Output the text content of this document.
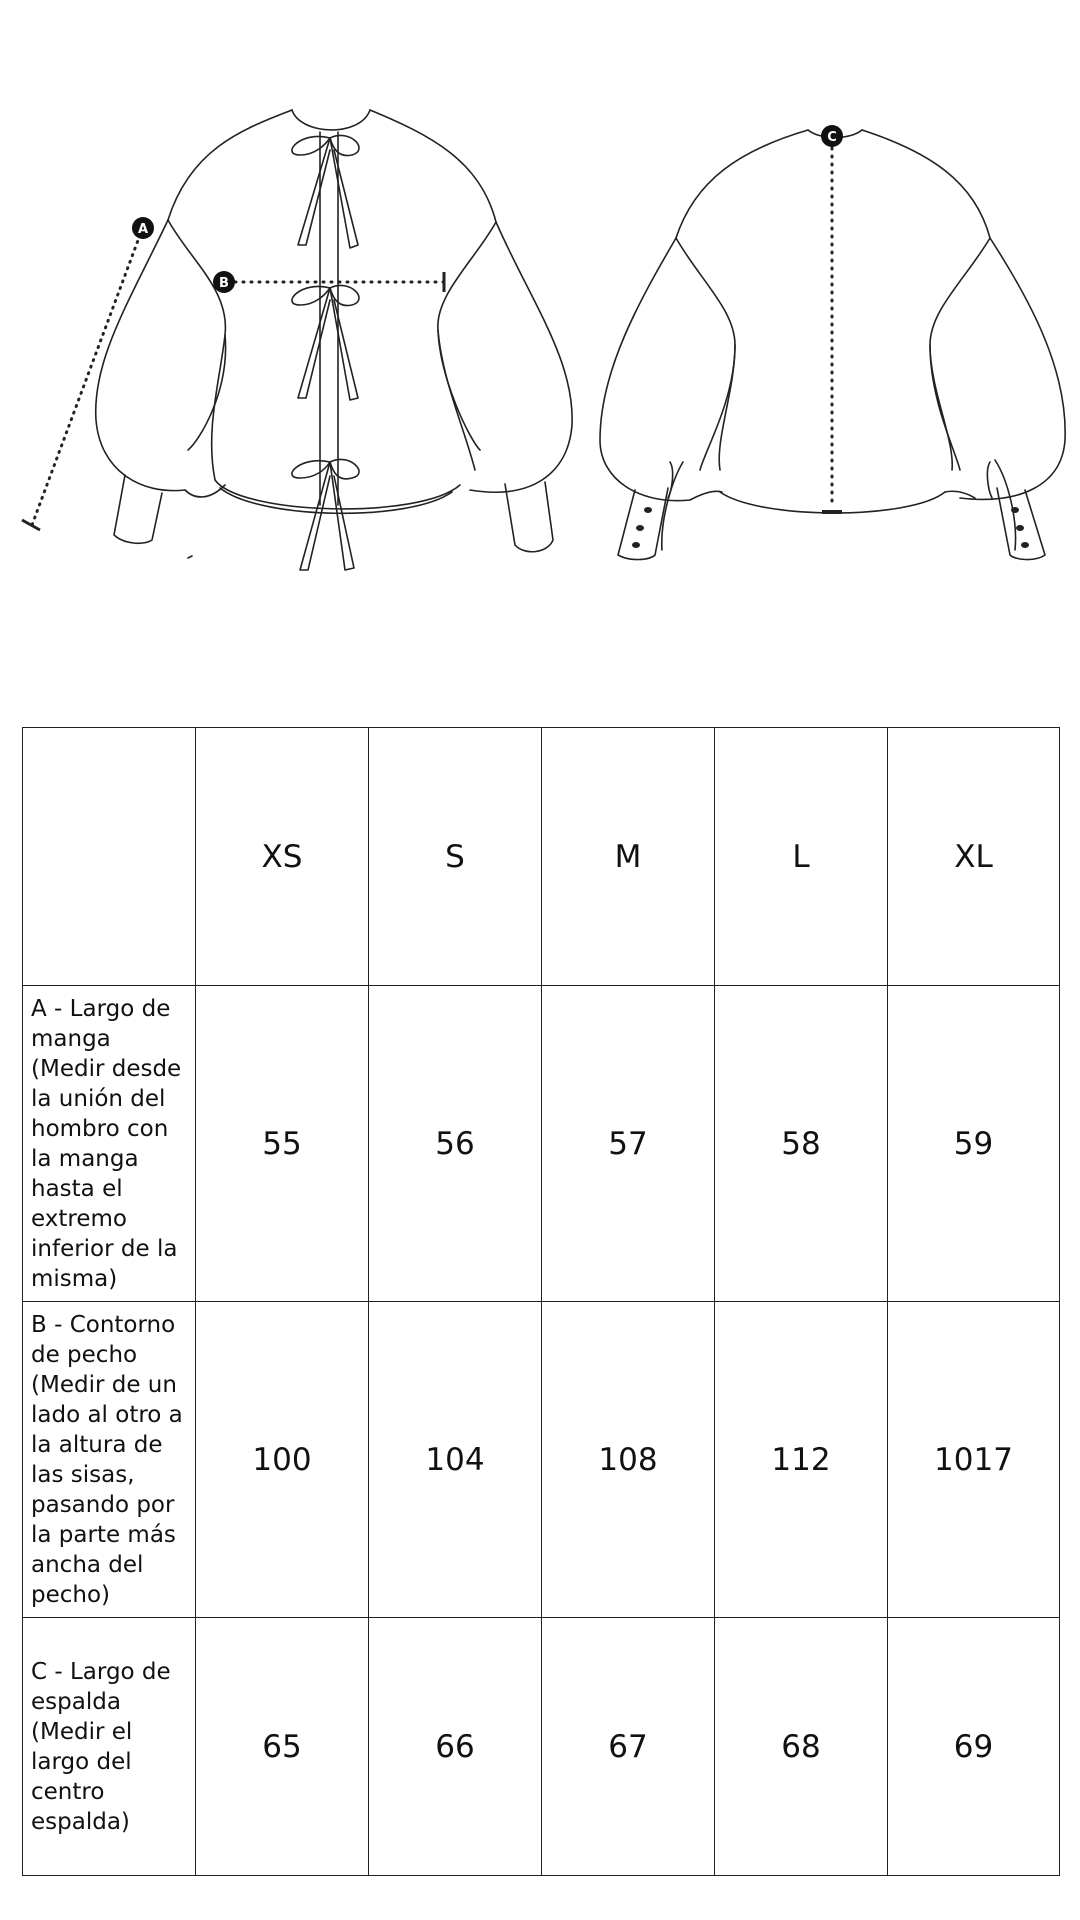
A
B
C
	XS	S	M	L	XL
A - Largo de manga (Medir desde la unión del hombro con la manga hasta el extremo inferior de la misma)	55	56	57	58	59
B - Contorno de pecho (Medir de un lado al otro a la altura de las sisas, pasando por la parte más ancha del pecho)	100	104	108	112	1017
C - Largo de espalda (Medir el largo del centro espalda)	65	66	67	68	69
